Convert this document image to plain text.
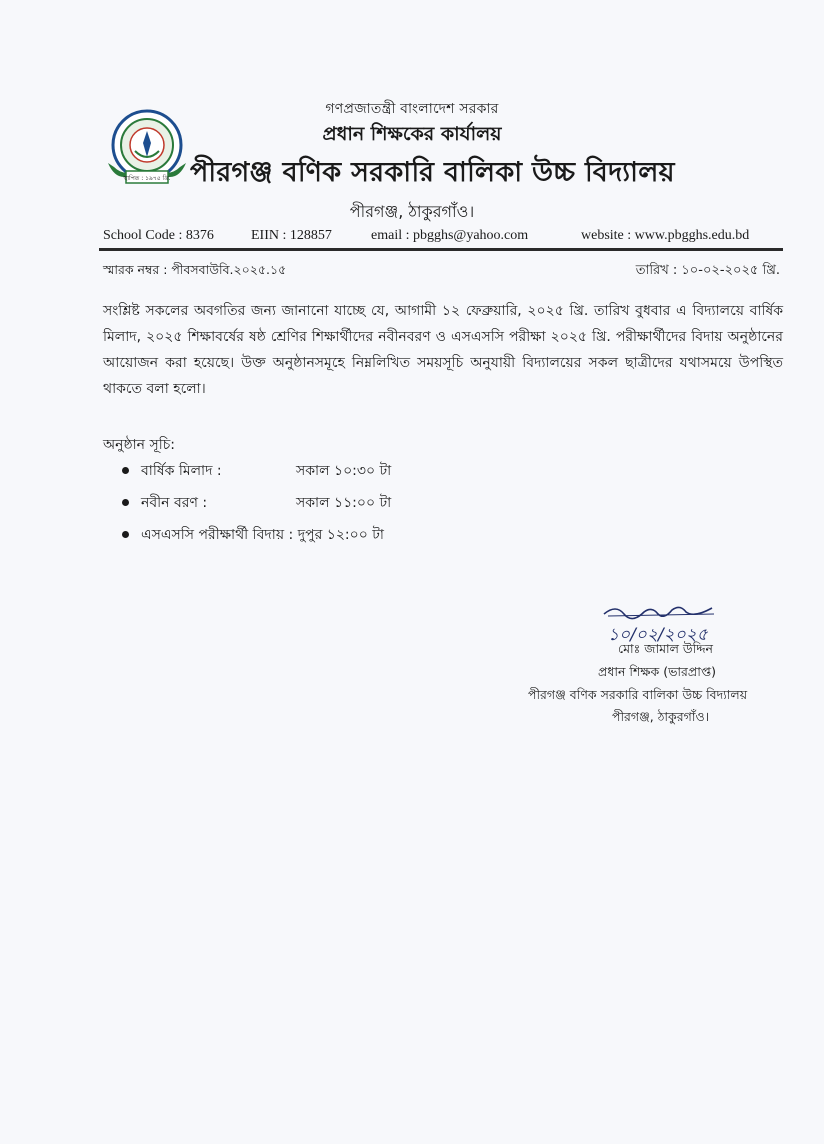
স্থাপিত : ১৯৭৫ খ্রি.
গণপ্রজাতন্ত্রী বাংলাদেশ সরকার
প্রধান শিক্ষকের কার্যালয়
পীরগঞ্জ বণিক সরকারি বালিকা উচ্চ বিদ্যালয়
পীরগঞ্জ, ঠাকুরগাঁও।
School Code : 8376	EIIN : 128857	email : pbgghs@yahoo.com	website : www.pbgghs.edu.bd
স্মারক নম্বর : পীবসবাউবি.২০২৫.১৫	তারিখ : ১০-০২-২০২৫ খ্রি.
সংশ্লিষ্ট সকলের অবগতির জন্য জানানো যাচ্ছে যে, আগামী ১২ ফেব্রুয়ারি, ২০২৫ খ্রি. তারিখ বুধবার এ বিদ্যালয়ে বার্ষিক মিলাদ, ২০২৫ শিক্ষাবর্ষের ষষ্ঠ শ্রেণির শিক্ষার্থীদের নবীনবরণ ও এসএসসি পরীক্ষা ২০২৫ খ্রি. পরীক্ষার্থীদের বিদায় অনুষ্ঠানের আয়োজন করা হয়েছে। উক্ত অনুষ্ঠানসমূহে নিম্নলিখিত সময়সূচি অনুযায়ী বিদ্যালয়ের সকল ছাত্রীদের যথাসময়ে উপস্থিত থাকতে বলা হলো।
অনুষ্ঠান সূচি:
বার্ষিক মিলাদ :	সকাল ১০:৩০ টা
নবীন বরণ :	সকাল ১১:০০ টা
এসএসসি পরীক্ষার্থী বিদায় : দুপুর ১২:০০ টা
১০/০২/২০২৫
মোঃ জামাল উদ্দিন
প্রধান শিক্ষক (ভারপ্রাপ্ত)
পীরগঞ্জ বণিক সরকারি বালিকা উচ্চ বিদ্যালয়
পীরগঞ্জ, ঠাকুরগাঁও।
